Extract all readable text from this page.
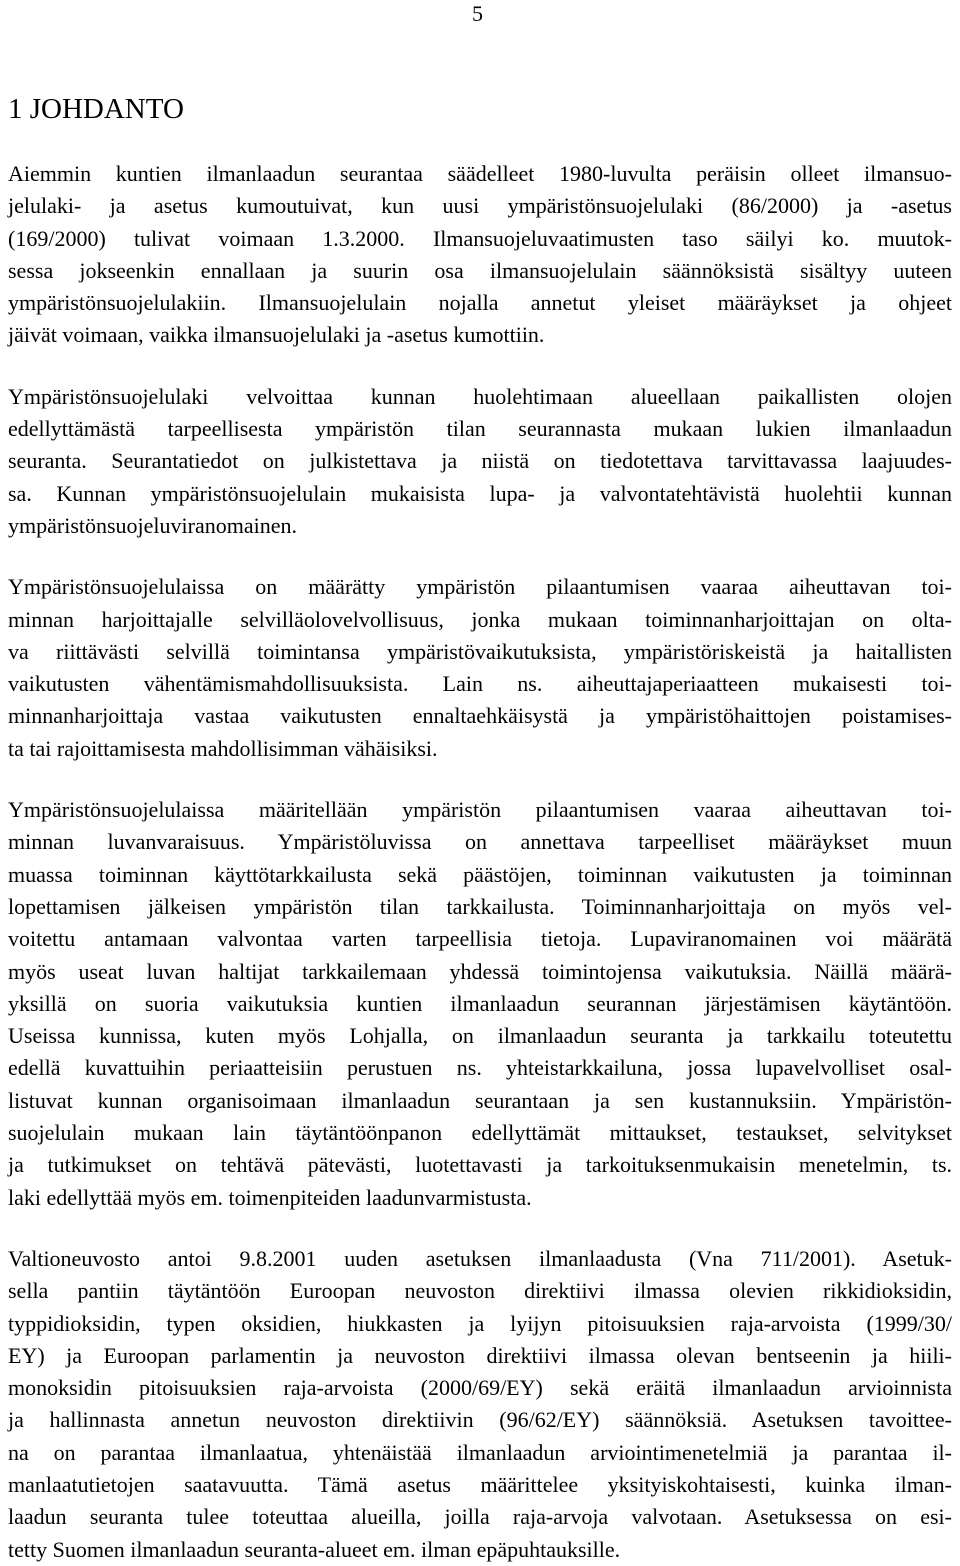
5
1 JOHDANTO

Aiemmin kuntien ilmanlaadun seurantaa säädelleet 1980-luvulta peräisin olleet ilmansuo-
jelulaki- ja asetus kumoutuivat, kun uusi ympäristönsuojelulaki (86/2000) ja -asetus
(169/2000) tulivat voimaan 1.3.2000. Ilmansuojeluvaatimusten taso säilyi ko. muutok-
sessa jokseenkin ennallaan ja suurin osa ilmansuojelulain säännöksistä sisältyy uuteen
ympäristönsuojelulakiin. Ilmansuojelulain nojalla annetut yleiset määräykset ja ohjeet
jäivät voimaan, vaikka ilmansuojelulaki ja -asetus kumottiin.

Ympäristönsuojelulaki velvoittaa kunnan huolehtimaan alueellaan paikallisten olojen
edellyttämästä tarpeellisesta ympäristön tilan seurannasta mukaan lukien ilmanlaadun
seuranta. Seurantatiedot on julkistettava ja niistä on tiedotettava tarvittavassa laajuudes-
sa. Kunnan ympäristönsuojelulain mukaisista lupa- ja valvontatehtävistä huolehtii kunnan
ympäristönsuojeluviranomainen.

Ympäristönsuojelulaissa on määrätty ympäristön pilaantumisen vaaraa aiheuttavan toi-
minnan harjoittajalle selvilläolovelvollisuus, jonka mukaan toiminnanharjoittajan on olta-
va riittävästi selvillä toimintansa ympäristövaikutuksista, ympäristöriskeistä ja haitallisten
vaikutusten vähentämismahdollisuuksista. Lain ns. aiheuttajaperiaatteen mukaisesti toi-
minnanharjoittaja vastaa vaikutusten ennaltaehkäisystä ja ympäristöhaittojen poistamises-
ta tai rajoittamisesta mahdollisimman vähäisiksi.

Ympäristönsuojelulaissa määritellään ympäristön pilaantumisen vaaraa aiheuttavan toi-
minnan luvanvaraisuus. Ympäristöluvissa on annettava tarpeelliset määräykset muun
muassa toiminnan käyttötarkkailusta sekä päästöjen, toiminnan vaikutusten ja toiminnan
lopettamisen jälkeisen ympäristön tilan tarkkailusta. Toiminnanharjoittaja on myös vel-
voitettu antamaan valvontaa varten tarpeellisia tietoja. Lupaviranomainen voi määrätä
myös useat luvan haltijat tarkkailemaan yhdessä toimintojensa vaikutuksia. Näillä määrä-
yksillä on suoria vaikutuksia kuntien ilmanlaadun seurannan järjestämisen käytäntöön.
Useissa kunnissa, kuten myös Lohjalla, on ilmanlaadun seuranta ja tarkkailu toteutettu
edellä kuvattuihin periaatteisiin perustuen ns. yhteistarkkailuna, jossa lupavelvolliset osal-
listuvat kunnan organisoimaan ilmanlaadun seurantaan ja sen kustannuksiin. Ympäristön-
suojelulain mukaan lain täytäntöönpanon edellyttämät mittaukset, testaukset, selvitykset
ja tutkimukset on tehtävä pätevästi, luotettavasti ja tarkoituksenmukaisin menetelmin, ts.
laki edellyttää myös em. toimenpiteiden laadunvarmistusta.

Valtioneuvosto antoi 9.8.2001 uuden asetuksen ilmanlaadusta (Vna 711/2001). Asetuk-
sella pantiin täytäntöön Euroopan neuvoston direktiivi ilmassa olevien rikkidioksidin,
typpidioksidin, typen oksidien, hiukkasten ja lyijyn pitoisuuksien raja-arvoista (1999/30/
EY) ja Euroopan parlamentin ja neuvoston direktiivi ilmassa olevan bentseenin ja hiili-
monoksidin pitoisuuksien raja-arvoista (2000/69/EY) sekä eräitä ilmanlaadun arvioinnista
ja hallinnasta annetun neuvoston direktiivin (96/62/EY) säännöksiä. Asetuksen tavoittee-
na on parantaa ilmanlaatua, yhtenäistää ilmanlaadun arviointimenetelmiä ja parantaa il-
manlaatutietojen saatavuutta. Tämä asetus määrittelee yksityiskohtaisesti, kuinka ilman-
laadun seuranta tulee toteuttaa alueilla, joilla raja-arvoja valvotaan. Asetuksessa on esi-
tetty Suomen ilmanlaadun seuranta-alueet em. ilman epäpuhtauksille.
